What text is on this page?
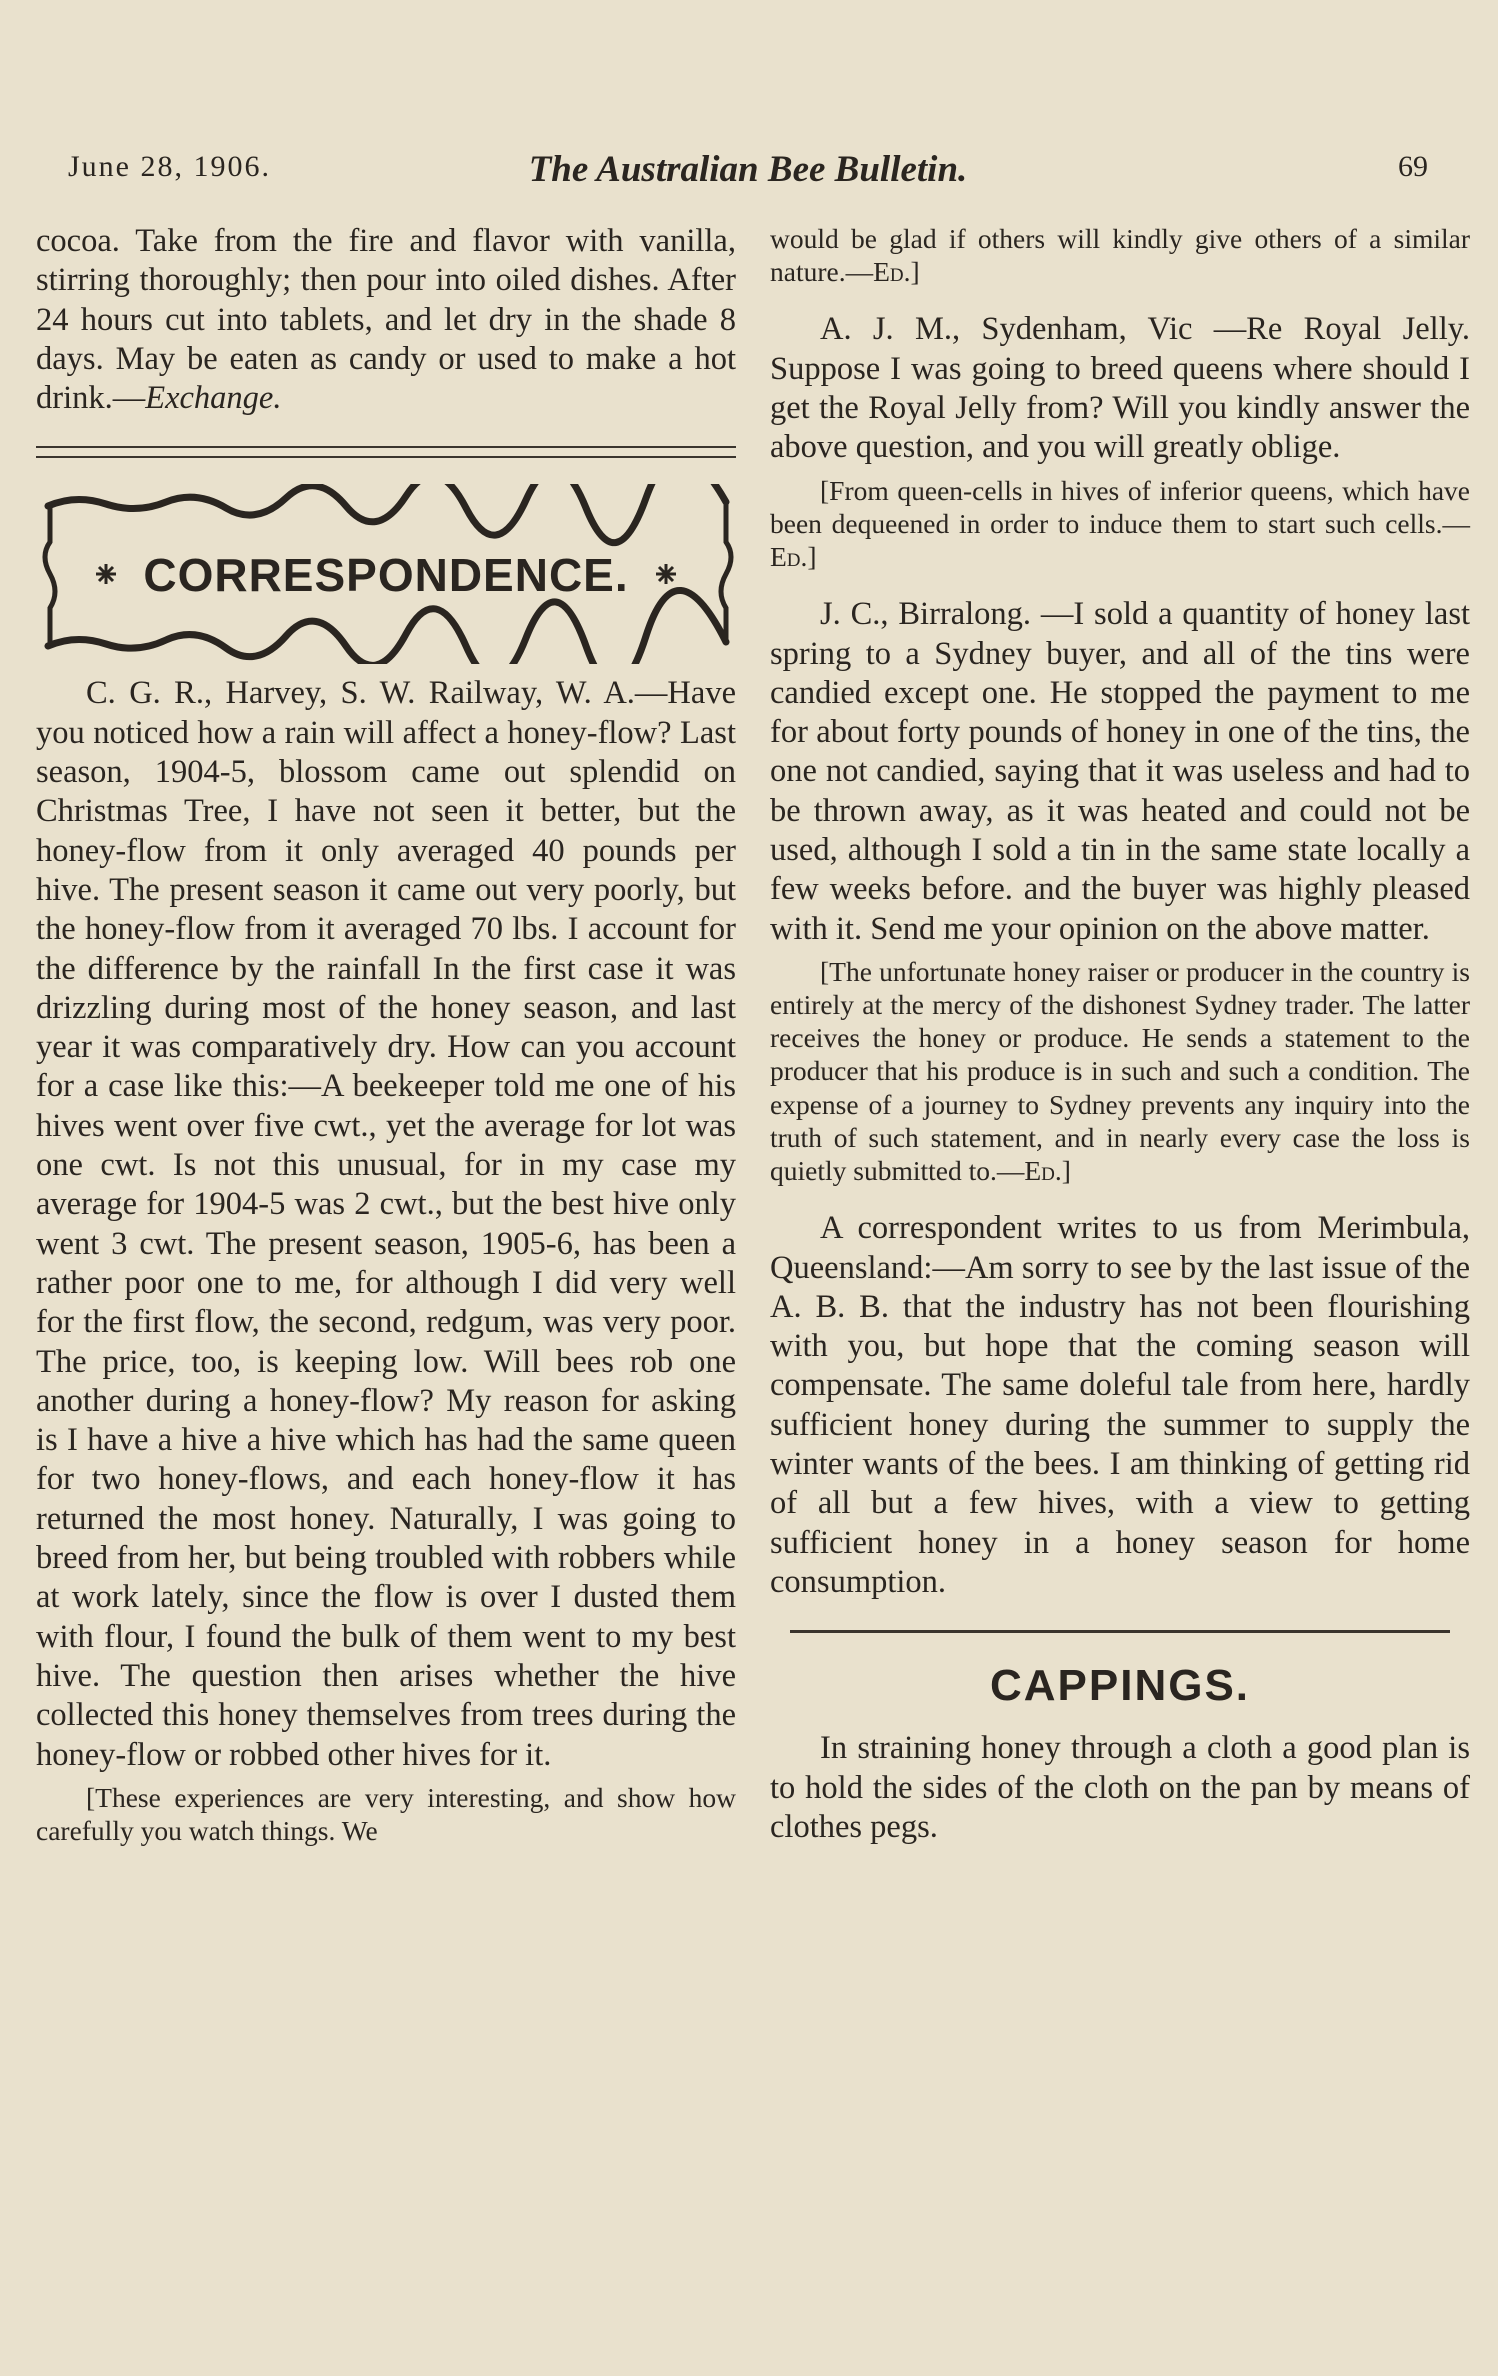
June 28, 1906.	The Australian Bee Bulletin.	69

cocoa. Take from the fire and flavor with vanilla, stirring thoroughly; then pour into oiled dishes. After 24 hours cut into tablets, and let dry in the shade 8 days. May be eaten as candy or used to make a hot drink.—Exchange.

CORRESPONDENCE.

C. G. R., Harvey, S. W. Railway, W. A.—Have you noticed how a rain will affect a honey-flow? Last season, 1904-5, blossom came out splendid on Christmas Tree, I have not seen it better, but the honey-flow from it only averaged 40 pounds per hive. The present season it came out very poorly, but the honey-flow from it averaged 70 lbs. I account for the difference by the rainfall In the first case it was drizzling during most of the honey season, and last year it was comparatively dry. How can you account for a case like this:—A beekeeper told me one of his hives went over five cwt., yet the average for lot was one cwt. Is not this unusual, for in my case my average for 1904-5 was 2 cwt., but the best hive only went 3 cwt. The present season, 1905-6, has been a rather poor one to me, for although I did very well for the first flow, the second, redgum, was very poor. The price, too, is keeping low. Will bees rob one another during a honey-flow? My reason for asking is I have a hive a hive which has had the same queen for two honey-flows, and each honey-flow it has returned the most honey. Naturally, I was going to breed from her, but being troubled with robbers while at work lately, since the flow is over I dusted them with flour, I found the bulk of them went to my best hive. The question then arises whether the hive collected this honey themselves from trees during the honey-flow or robbed other hives for it.

[These experiences are very interesting, and show how carefully you watch things. We

would be glad if others will kindly give others of a similar nature.—Ed.]

A. J. M., Sydenham, Vic —Re Royal Jelly. Suppose I was going to breed queens where should I get the Royal Jelly from? Will you kindly answer the above question, and you will greatly oblige.

[From queen-cells in hives of inferior queens, which have been dequeened in order to induce them to start such cells.—Ed.]

J. C., Birralong. —I sold a quantity of honey last spring to a Sydney buyer, and all of the tins were candied except one. He stopped the payment to me for about forty pounds of honey in one of the tins, the one not candied, saying that it was useless and had to be thrown away, as it was heated and could not be used, although I sold a tin in the same state locally a few weeks before. and the buyer was highly pleased with it. Send me your opinion on the above matter.

[The unfortunate honey raiser or producer in the country is entirely at the mercy of the dishonest Sydney trader. The latter receives the honey or produce. He sends a statement to the producer that his produce is in such and such a condition. The expense of a journey to Sydney prevents any inquiry into the truth of such statement, and in nearly every case the loss is quietly submitted to.—Ed.]

A correspondent writes to us from Merimbula, Queensland:—Am sorry to see by the last issue of the A. B. B. that the industry has not been flourishing with you, but hope that the coming season will compensate. The same doleful tale from here, hardly sufficient honey during the summer to supply the winter wants of the bees. I am thinking of getting rid of all but a few hives, with a view to getting sufficient honey in a honey season for home consumption.

CAPPINGS.

In straining honey through a cloth a good plan is to hold the sides of the cloth on the pan by means of clothes pegs.
